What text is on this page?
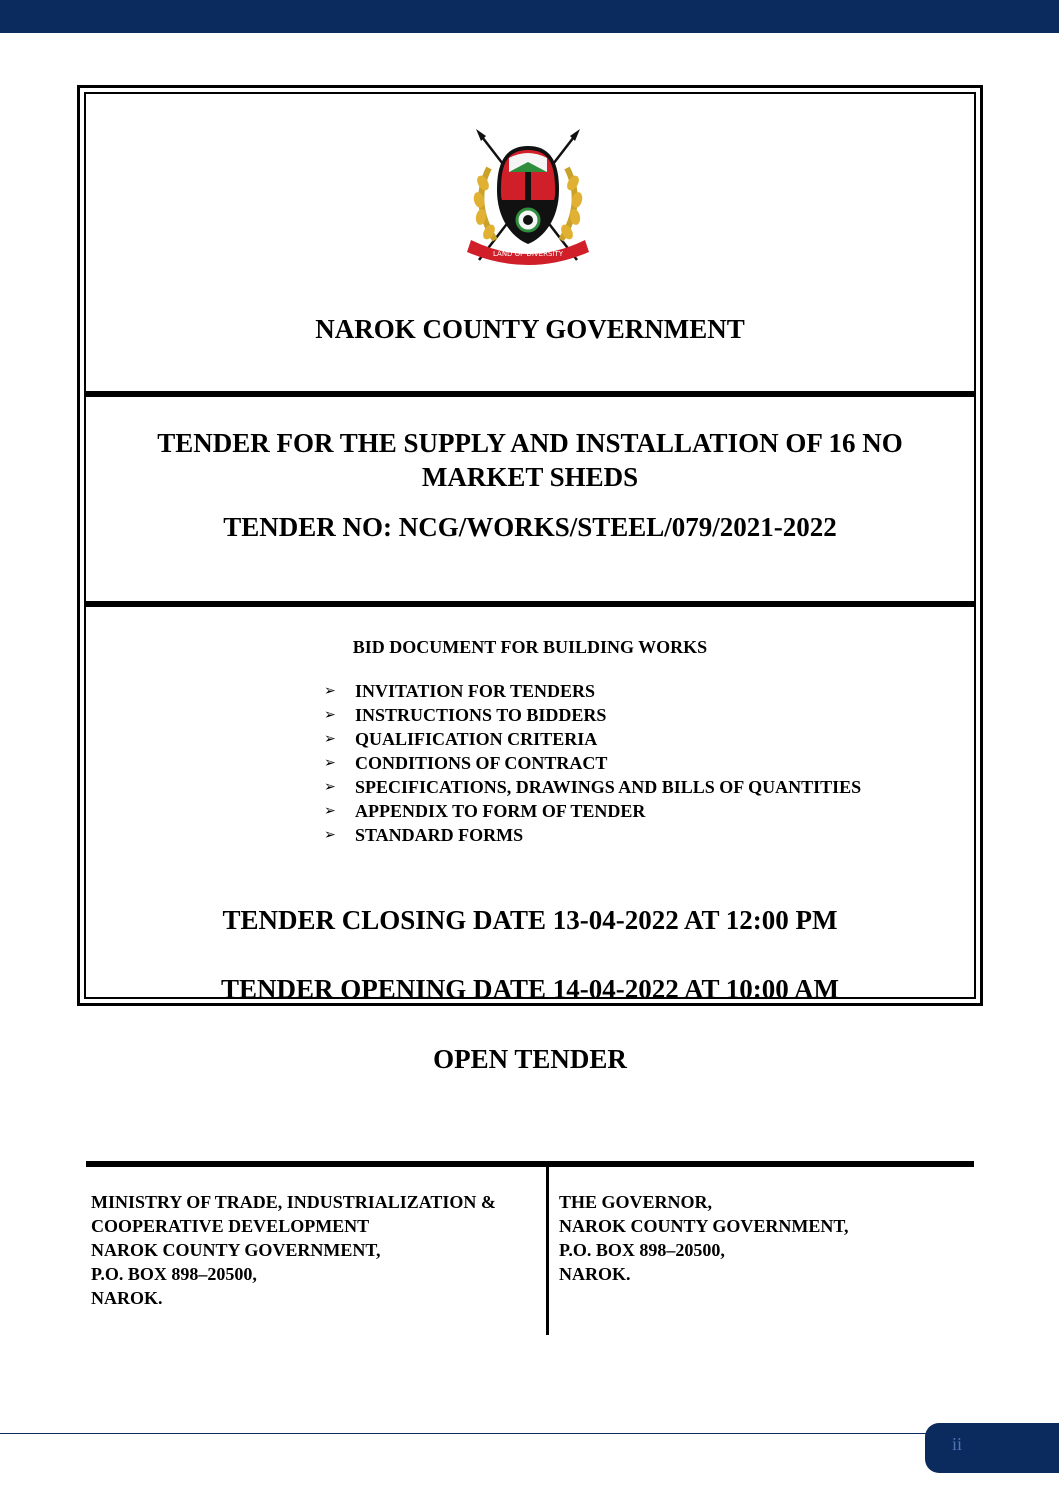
LAND OF DIVERSITY
NAROK COUNTY GOVERNMENT
TENDER FOR THE SUPPLY AND INSTALLATION OF 16 NO MARKET SHEDS
TENDER NO: NCG/WORKS/STEEL/079/2021-2022
BID DOCUMENT FOR BUILDING WORKS
➢	INVITATION FOR TENDERS
➢	INSTRUCTIONS TO BIDDERS
➢	QUALIFICATION CRITERIA
➢	CONDITIONS OF CONTRACT
➢	SPECIFICATIONS, DRAWINGS AND BILLS OF QUANTITIES
➢	APPENDIX TO FORM OF TENDER
➢	STANDARD FORMS
TENDER CLOSING DATE 13-04-2022 AT 12:00 PM
TENDER OPENING DATE 14-04-2022 AT 10:00 AM
OPEN TENDER
MINISTRY OF TRADE, INDUSTRIALIZATION &
COOPERATIVE DEVELOPMENT
NAROK COUNTY GOVERNMENT,
P.O. BOX 898–20500,
NAROK.
THE GOVERNOR,
NAROK COUNTY GOVERNMENT,
P.O. BOX 898–20500,
NAROK.
ii
